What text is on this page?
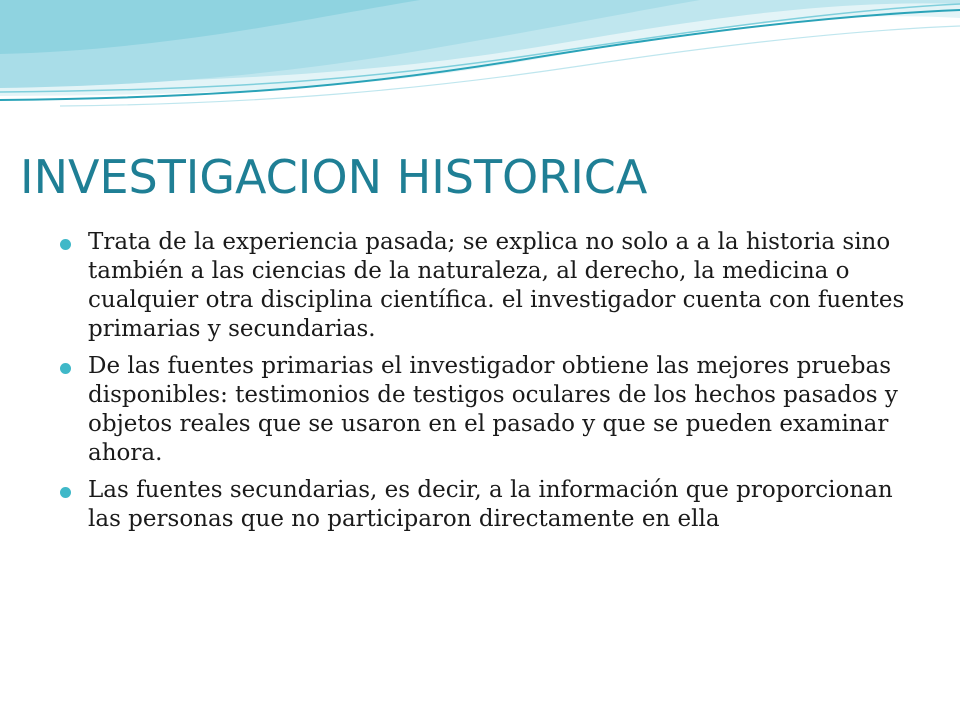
INVESTIGACION HISTORICA
Trata de la experiencia pasada; se explica no solo a a la historia sino también a las ciencias de la naturaleza, al derecho, la medicina o cualquier otra disciplina científica. el investigador cuenta con fuentes primarias y secundarias.
De las fuentes primarias el investigador obtiene las mejores pruebas disponibles: testimonios de testigos oculares de los hechos pasados y objetos reales que se usaron en el pasado y que se pueden examinar ahora.
Las fuentes secundarias, es decir, a la información que proporcionan las personas que no participaron directamente en ella
